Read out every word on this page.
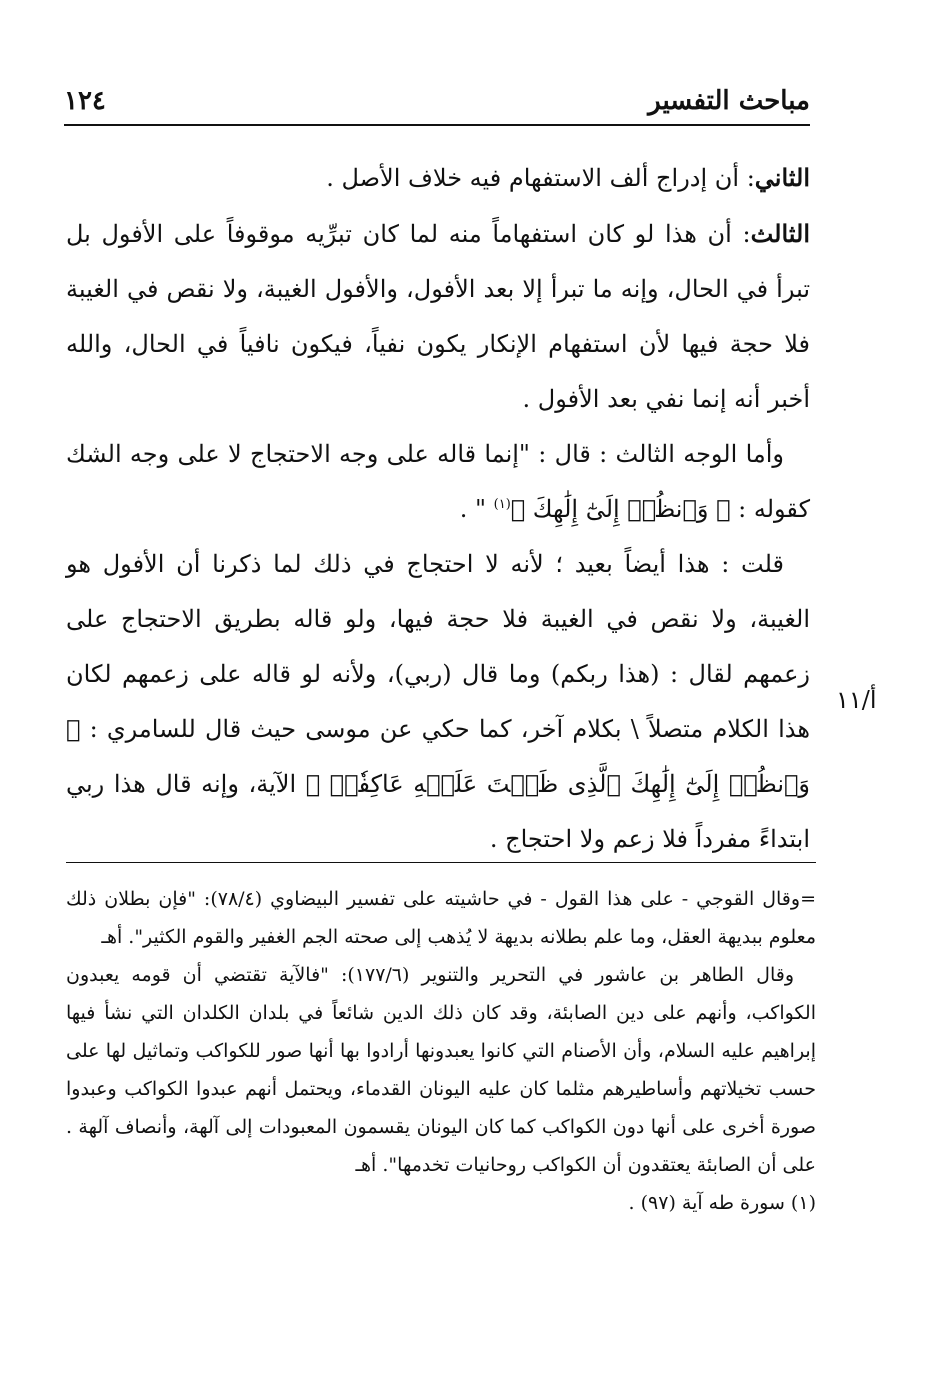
مباحث التفسير
١٢٤

الثاني: أن إدراج ألف الاستفهام فيه خلاف الأصل .

الثالث: أن هذا لو كان استفهاماً منه لما كان تبرِّيه موقوفاً على الأفول بل تبرأ في الحال، وإنه ما تبرأ إلا بعد الأفول، والأفول الغيبة، ولا نقص في الغيبة فلا حجة فيها لأن استفهام الإنكار يكون نفياً، فيكون نافياً في الحال، والله أخبر أنه إنما نفي بعد الأفول .

وأما الوجه الثالث : قال : "إنما قاله على وجه الاحتجاج لا على وجه الشك كقوله : ﴿ وَٱنظُرۡ إِلَىٰٓ إِلَٰهِكَ ﴾$^{(١)}$ " .

قلت : هذا أيضاً بعيد ؛ لأنه لا احتجاج في ذلك لما ذكرنا أن الأفول هو الغيبة، ولا نقص في الغيبة فلا حجة فيها، ولو قاله بطريق الاحتجاج على زعمهم لقال : (هذا ربكم) وما قال (ربي)، ولأنه لو قاله على زعمهم لكان هذا الكلام متصلاً \ بكلام آخر، كما حكي عن موسى حيث قال للسامري : ﴿ وَٱنظُرۡ إِلَىٰٓ إِلَٰهِكَ ٱلَّذِى ظَلۡتَ عَلَيۡهِ عَاكِفٗاۖ ﴾ الآية، وإنه قال هذا ربي ابتداءً مفرداً فلا زعم ولا احتجاج .

أ/١١

=وقال القوجي - على هذا القول - في حاشيته على تفسير البيضاوي (٧٨/٤): "فإن بطلان ذلك معلوم ببديهة العقل، وما علم بطلانه بديهة لا يُذهب إلى صحته الجم الغفير والقوم الكثير". أهـ

وقال الطاهر بن عاشور في التحرير والتنوير (١٧٧/٦): "فالآية تقتضي أن قومه يعبدون الكواكب، وأنهم على دين الصابئة، وقد كان ذلك الدين شائعاً في بلدان الكلدان التي نشأ فيها إبراهيم عليه السلام، وأن الأصنام التي كانوا يعبدونها أرادوا بها أنها صور للكواكب وتماثيل لها على حسب تخيلاتهم وأساطيرهم مثلما كان عليه اليونان القدماء، ويحتمل أنهم عبدوا الكواكب وعبدوا صورة أخرى على أنها دون الكواكب كما كان اليونان يقسمون المعبودات إلى آلهة، وأنصاف آلهة . على أن الصابئة يعتقدون أن الكواكب روحانيات تخدمها". أهـ

(١) سورة طه آية (٩٧) .
